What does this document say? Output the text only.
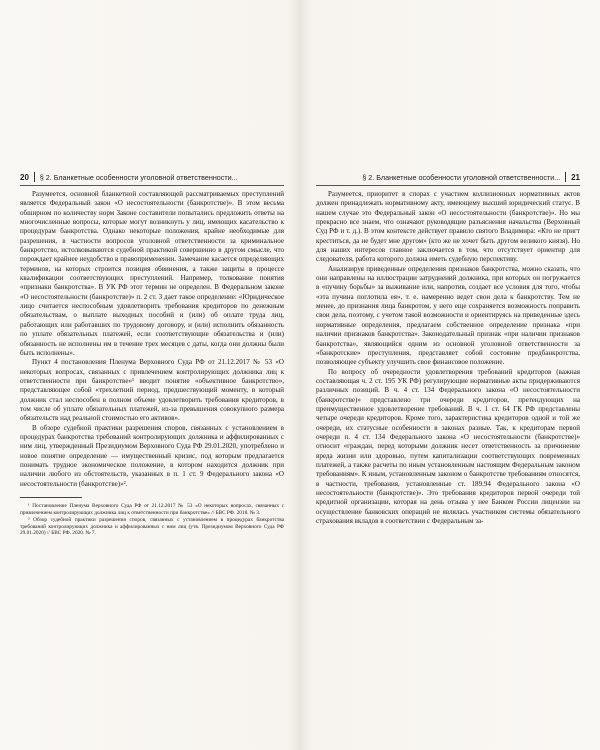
20 § 2. Бланкетные особенности уголовной ответственности...

Разумеется, основной бланкетной составляющей рассматриваемых преступлений является Федеральный закон «О несостоятельности (банкротстве)». В этом весьма обширном по количеству норм Законе составители попытались предложить ответы на многочисленные вопросы, которые могут возникнуть у лиц, имеющих касательство к процедурам банкротства. Однако некоторые положения, крайне необходимые для разрешения, в частности вопросов уголовной ответственности за криминальное банкротство, истолковываются судебной практикой совершенно в другом смысле, что порождает крайнее неудобство в правоприменении. Замечание касается определяющих терминов, на которых строится позиция обвинения, а также защиты в процессе квалификации соответствующих преступлений. Например, толкование понятия «признаки банкротства». В УК РФ этот термин не определен. В Федеральном законе «О несостоятельности (банкротстве)» п. 2 ст. 3 дает такое определение: «Юридическое лицо считается неспособным удовлетворить требования кредиторов по денежным обязательствам, о выплате выходных пособий и (или) об оплате труда лиц, работающих или работавших по трудовому договору, и (или) исполнить обязанность по уплате обязательных платежей, если соответствующие обязательства и (или) обязанность не исполнены им в течение трех месяцев с даты, когда они должны были быть исполнены».

Пункт 4 постановления Пленума Верховного Суда РФ от 21.12.2017 № 53 «О некоторых вопросах, связанных с привлечением контролирующих должника лиц к ответственности при банкротстве»¹ вводит понятие «объективное банкротство», представляющее собой «трехлетний период, предшествующий моменту, в который должник стал неспособен в полном объеме удовлетворить требования кредиторов, в том числе об уплате обязательных платежей, из-за превышения совокупного размера обязательств над реальной стоимостью его активов».

В обзоре судебной практики разрешения споров, связанных с установлением в процедурах банкротства требований контролирующих должника и аффилированных с ним лиц, утвержденный Президиумом Верховного Суда РФ 29.01.2020, употреблено и новое понятие определение — имущественный кризис, под которым предлагается понимать трудное экономическое положение, в котором находится должник при наличии любого из обстоятельств, указанных в п. 1 ст. 9 Федерального закона «О несостоятельности (банкротстве)»².

¹ Постановление Пленума Верховного Суда РФ от 21.12.2017 № 53 «О некоторых вопросах, связанных с привлечением контролирующих должника лиц к ответственности при банкротстве» // БВС РФ. 2018. № 3.

² Обзор судебной практики разрешения споров, связанных с установлением в процедурах банкротства требований контролирующих должника и аффилированных с ним лиц (утв. Президиумом Верховного Суда РФ 29.01.2020) // БВС РФ. 2020. № 7.

§ 2. Бланкетные особенности уголовной ответственности... 21

Разумеется, приоритет в спорах с участием коллизионных нормативных актов должен принадлежать нормативному акту, имеющему высший юридический статус. В нашем случае это Федеральный закон «О несостоятельности (банкротстве)». Но мы прекрасно все знаем, что означают руководящие разъяснения начальства (Верховный Суд РФ и т. д.). В этом контексте действует правило святого Владимира: «Кто не пригт креститься, да не будет мне другом» (кто же не хочет быть другом великого князя). Но для наших интересов главное заключается в том, что отсутствует ориентир для следователя, работа которого должна иметь судебную перспективу.

Анализируя приведенные определения признаков банкротства, можно сказать, что они направлены на иллюстрации затруднений должника, при которых он погружается в «пучину борьбы» за выживание или, напротив, создает все условия для того, чтобы «эта пучина поглотила ея», т. е. намеренно ведет свои дела к банкротству. Тем не менее, до признания лица банкротом, у него еще сохраняется возможность поправить свои дела, поэтому, с учетом такой возможности и ориентируясь на приведенные здесь нормативные определения, предлагаем собственное определение признака «при наличии признаков банкротства». Законодательный признак «при наличии признаков банкротства», являющийся одним из основной уголовной ответственности за «банкротские» преступления, представляет собой состояние предбанкротства, позволяющее субъекту улучшить свое финансовое положение.

По вопросу об очередности удовлетворения требований кредиторов (важная составляющая ч. 2 ст. 195 УК РФ) регулирующие нормативные акты придерживаются различных позиций. В ч. 4 ст. 134 Федерального закона «О несостоятельности (банкротстве)» представлено три очереди кредиторов, претендующих на преимущественное удовлетворение требований. В ч. 1 ст. 64 ГК РФ представлены четыре очереди кредиторов. Кроме того, характеристика кредиторов одной и той же очереди, их статусные особенности в законах разные. Так, к кредиторам первой очереди п. 4 ст. 134 Федерального закона «О несостоятельности (банкротстве)» относит «граждан, перед которыми должник несет ответственность за причинение вреда жизни или здоровью, путем капитализации соответствующих повременных платежей, а также расчеты по иным установленным настоящим Федеральным законом требованиям». К иным, установленным законом о банкротстве требованиям относятся, в частности, требования, установленные ст. 189.94 Федерального закона «О несостоятельности (банкротстве)». Это требования кредиторов первой очереди той кредитной организации, которая на день отзыва у нее Банком России лицензии на осуществление банковских операций не являлась участником системы обязательного страхования вкладов в соответствии с Федеральным за-
